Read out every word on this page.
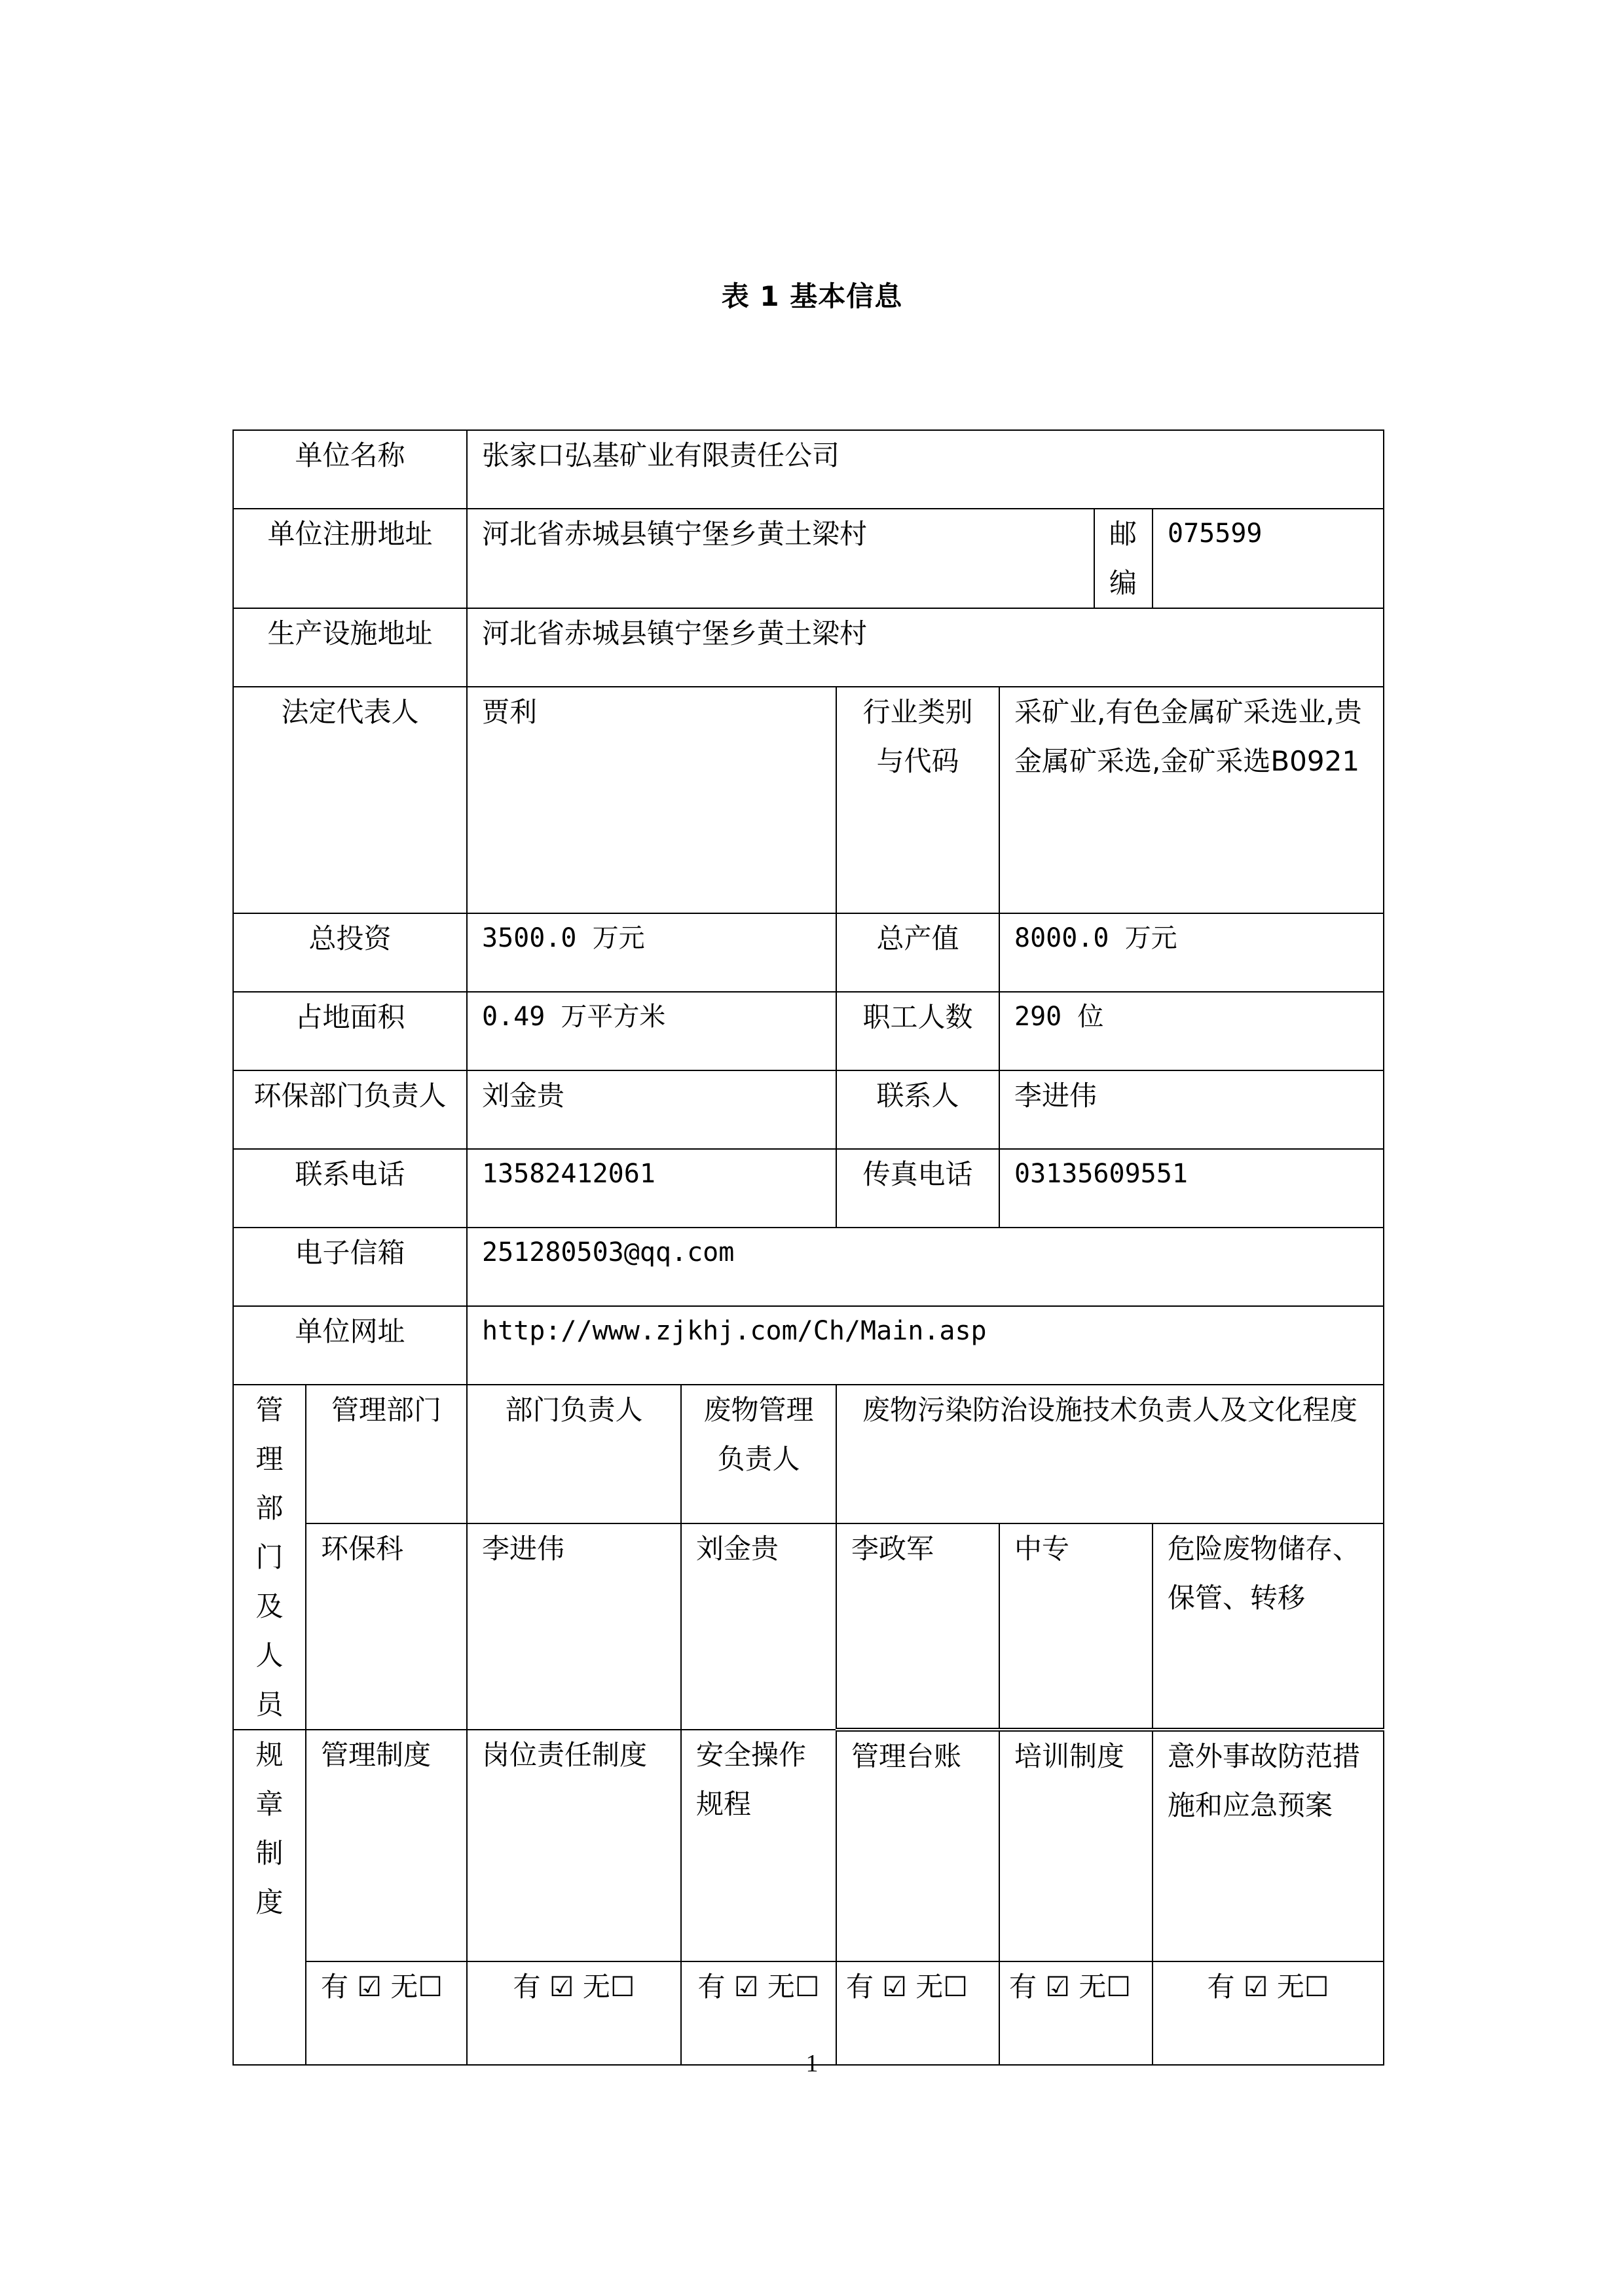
表 1 基本信息
单位名称		张家口弘基矿业有限责任公司					
单位注册地址		河北省赤城县镇宁堡乡黄土梁村				邮编	075599
生产设施地址		河北省赤城县镇宁堡乡黄土梁村					
法定代表人		贾利		行业类别与代码	采矿业,有色金属矿采选业,贵金属矿采选,金矿采选B0921		
总投资		3500.0 万元		总产值	8000.0 万元		
占地面积		0.49 万平方米		职工人数	290 位		
环保部门负责人		刘金贵		联系人	李进伟		
联系电话		13582412061		传真电话	03135609551		
电子信箱		251280503@qq.com					
单位网址		http://www.zjkhj.com/Ch/Main.asp					

管理部门及人员	管理部门	部门负责人	废物管理负责人	废物污染防治设施技术负责人及文化程度			
	环保科	李进伟	刘金贵	李政军	中专		危险废物储存、保管、转移

规章制度	管理制度	岗位责任制度	安全操作规程	管理台账	培训制度		意外事故防范措施和应急预案
	有 ☑ 无☐	有 ☑ 无☐	有 ☑ 无☐	有 ☑ 无☐	有 ☑ 无☐		有 ☑ 无☐
1
